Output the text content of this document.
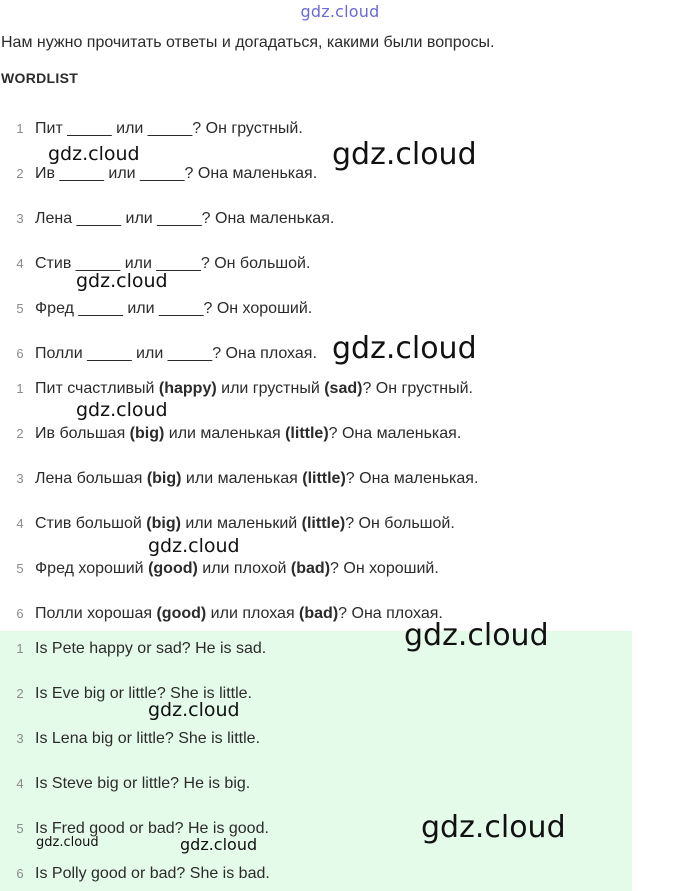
gdz.cloud
Нам нужно прочитать ответы и догадаться, какими были вопросы.
WORDLIST
1 Пит _____ или _____? Он грустный.
2 Ив _____ или _____? Она маленькая.
3 Лена _____ или _____? Она маленькая.
4 Стив _____ или _____? Он большой.
5 Фред _____ или _____? Он хороший.
6 Полли _____ или _____? Она плохая.
1 Пит счастливый (happy) или грустный (sad)? Он грустный.
2 Ив большая (big) или маленькая (little)? Она маленькая.
3 Лена большая (big) или маленькая (little)? Она маленькая.
4 Стив большой (big) или маленький (little)? Он большой.
5 Фред хороший (good) или плохой (bad)? Он хороший.
6 Полли хорошая (good) или плохая (bad)? Она плохая.
1 Is Pete happy or sad? He is sad.
2 Is Eve big or little? She is little.
3 Is Lena big or little? She is little.
4 Is Steve big or little? He is big.
5 Is Fred good or bad? He is good.
6 Is Polly good or bad? She is bad.
gdz.cloud	gdz.cloud
gdz.cloud
gdz.cloud
gdz.cloud
gdz.cloud
gdz.cloud
gdz.cloud
gdz.cloud
gdz.cloud	gdz.cloud
